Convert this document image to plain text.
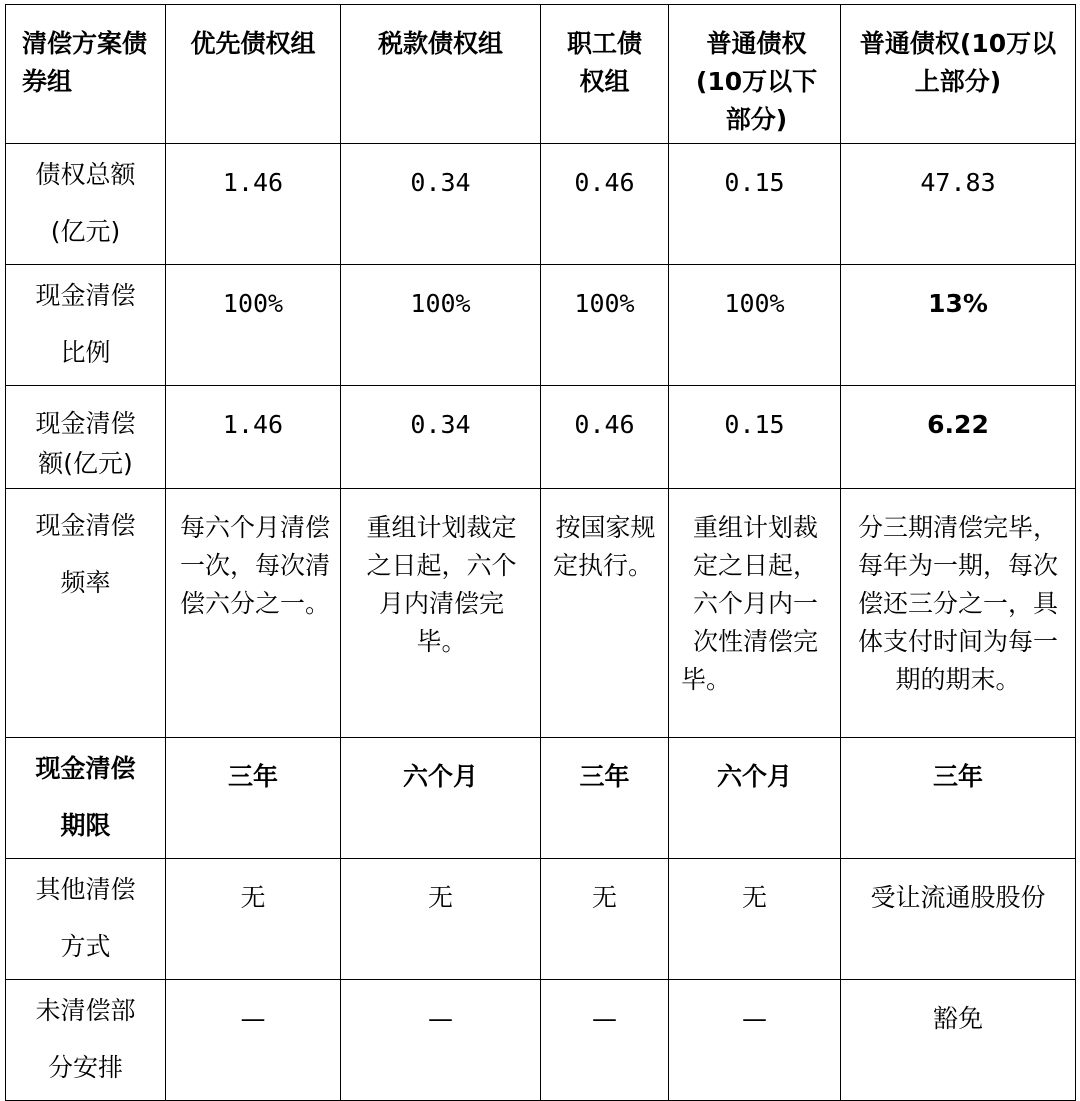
清偿方案债券组	优先债权组	税款债权组	职工债权组	普通债权(10万以下部分)	普通债权(10万以上部分)
债权总额(亿元)	1.46	0.34	0.46	0.15	47.83
现金清偿比例	100%	100%	100%	100%	13%
现金清偿额(亿元)	1.46	0.34	0.46	0.15	6.22
现金清偿频率	每六个月清偿一次，每次清偿六分之一。	重组计划裁定之日起，六个月内清偿完毕。	按国家规定执行。	重组计划裁定之日起，六个月内一次性清偿完毕。	分三期清偿完毕，每年为一期，每次偿还三分之一，具体支付时间为每一期的期末。
现金清偿期限	三年	六个月	三年	六个月	三年
其他清偿方式	无	无	无	无	受让流通股股份
未清偿部分安排	—	—	—	—	豁免
